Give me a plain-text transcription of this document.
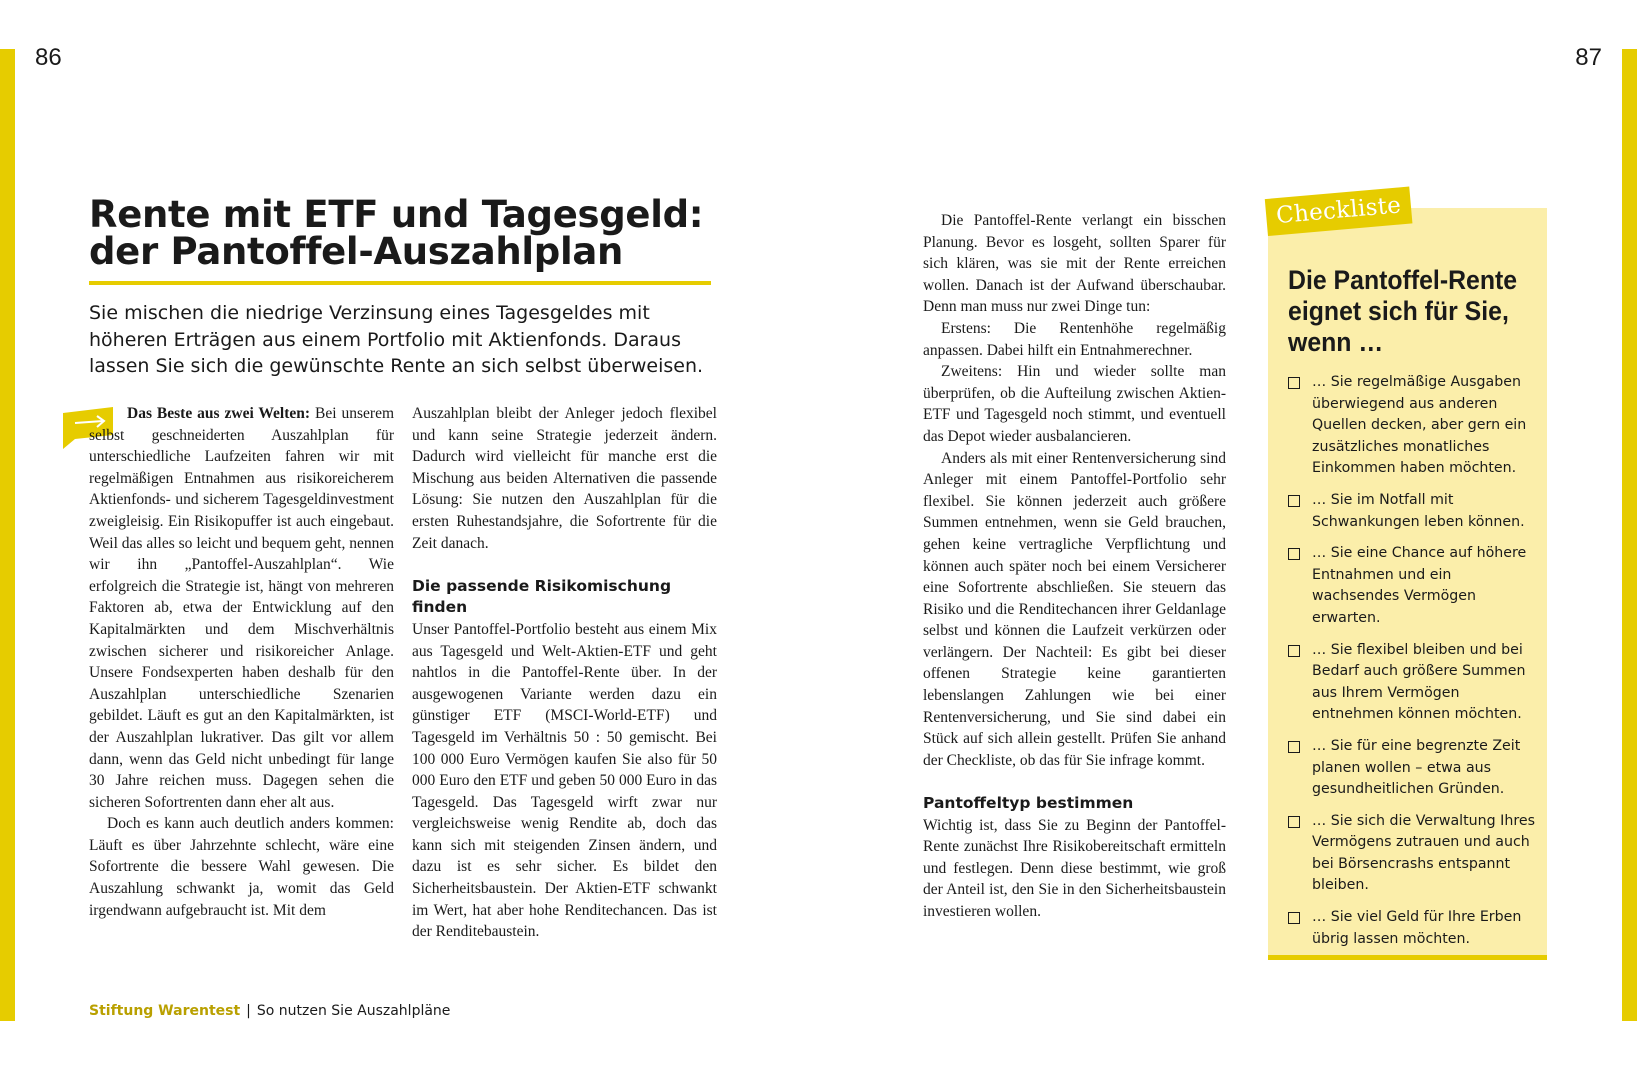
86	87
Rente mit ETF und Tagesgeld:
der Pantoffel-Auszahlplan

Sie mischen die niedrige Verzinsung eines Tagesgeldes mit höheren Erträgen aus einem Portfolio mit Aktienfonds. Daraus lassen Sie sich die gewünschte Rente an sich selbst überweisen.

Das Beste aus zwei Welten: Bei unserem selbst geschneiderten Auszahlplan für unterschiedliche Laufzeiten fahren wir mit regelmäßigen Entnahmen aus risikoreicherem Aktienfonds- und sicherem Tagesgeldinvestment zweigleisig. Ein Risikopuffer ist auch eingebaut. Weil das alles so leicht und bequem geht, nennen wir ihn „Pantoffel-Auszahlplan“. Wie erfolgreich die Strategie ist, hängt von mehreren Faktoren ab, etwa der Entwicklung auf den Kapitalmärkten und dem Mischverhältnis zwischen sicherer und risikoreicher Anlage. Unsere Fondsexperten haben deshalb für den Auszahlplan unterschiedliche Szenarien gebildet. Läuft es gut an den Kapitalmärkten, ist der Auszahlplan lukrativer. Das gilt vor allem dann, wenn das Geld nicht unbedingt für lange 30 Jahre reichen muss. Dagegen sehen die sicheren Sofortrenten dann eher alt aus.

Doch es kann auch deutlich anders kommen: Läuft es über Jahrzehnte schlecht, wäre eine Sofortrente die bessere Wahl gewesen. Die Auszahlung schwankt ja, womit das Geld irgendwann aufgebraucht ist. Mit dem

Auszahlplan bleibt der Anleger jedoch flexibel und kann seine Strategie jederzeit ändern. Dadurch wird vielleicht für manche erst die Mischung aus beiden Alternativen die passende Lösung: Sie nutzen den Auszahlplan für die ersten Ruhestandsjahre, die Sofortrente für die Zeit danach.

Die passende Risikomischung finden

Unser Pantoffel-Portfolio besteht aus einem Mix aus Tagesgeld und Welt-Aktien-ETF und geht nahtlos in die Pantoffel-Rente über. In der ausgewogenen Variante werden dazu ein günstiger ETF (MSCI-World-ETF) und Tagesgeld im Verhältnis 50 : 50 gemischt. Bei 100 000 Euro Vermögen kaufen Sie also für 50 000 Euro den ETF und geben 50 000 Euro in das Tagesgeld. Das Tagesgeld wirft zwar nur vergleichsweise wenig Rendite ab, doch das kann sich mit steigenden Zinsen ändern, und dazu ist es sehr sicher. Es bildet den Sicherheitsbaustein. Der Aktien-ETF schwankt im Wert, hat aber hohe Renditechancen. Das ist der Renditebaustein.

Die Pantoffel-Rente verlangt ein bisschen Planung. Bevor es losgeht, sollten Sparer für sich klären, was sie mit der Rente erreichen wollen. Danach ist der Aufwand überschaubar. Denn man muss nur zwei Dinge tun:

Erstens: Die Rentenhöhe regelmäßig anpassen. Dabei hilft ein Entnahmerechner.

Zweitens: Hin und wieder sollte man überprüfen, ob die Aufteilung zwischen Aktien-ETF und Tagesgeld noch stimmt, und eventuell das Depot wieder ausbalancieren.

Anders als mit einer Rentenversicherung sind Anleger mit einem Pantoffel-Portfolio sehr flexibel. Sie können jederzeit auch größere Summen entnehmen, wenn sie Geld brauchen, gehen keine vertragliche Verpflichtung und können auch später noch bei einem Versicherer eine Sofortrente abschließen. Sie steuern das Risiko und die Renditechancen ihrer Geldanlage selbst und können die Laufzeit verkürzen oder verlängern. Der Nachteil: Es gibt bei dieser offenen Strategie keine garantierten lebenslangen Zahlungen wie bei einer Rentenversicherung, und Sie sind dabei ein Stück auf sich allein gestellt. Prüfen Sie anhand der Checkliste, ob das für Sie infrage kommt.

Pantoffeltyp bestimmen

Wichtig ist, dass Sie zu Beginn der Pantoffel-Rente zunächst Ihre Risikobereitschaft ermitteln und festlegen. Denn diese bestimmt, wie groß der Anteil ist, den Sie in den Sicherheitsbaustein investieren wollen.

Checkliste
Die Pantoffel-Rente eignet sich für Sie, wenn …
… Sie regelmäßige Ausgaben überwiegend aus anderen Quellen decken, aber gern ein zusätzliches monatliches Einkommen haben möchten.
… Sie im Notfall mit Schwankungen leben können.
… Sie eine Chance auf höhere Entnahmen und ein wachsendes Vermögen erwarten.
… Sie flexibel bleiben und bei Bedarf auch größere Summen aus Ihrem Vermögen entnehmen können möchten.
… Sie für eine begrenzte Zeit planen wollen – etwa aus gesundheitlichen Gründen.
… Sie sich die Verwaltung Ihres Vermögens zutrauen und auch bei Börsencrashs entspannt bleiben.
… Sie viel Geld für Ihre Erben übrig lassen möchten.
Stiftung Warentest | So nutzen Sie Auszahlpläne
